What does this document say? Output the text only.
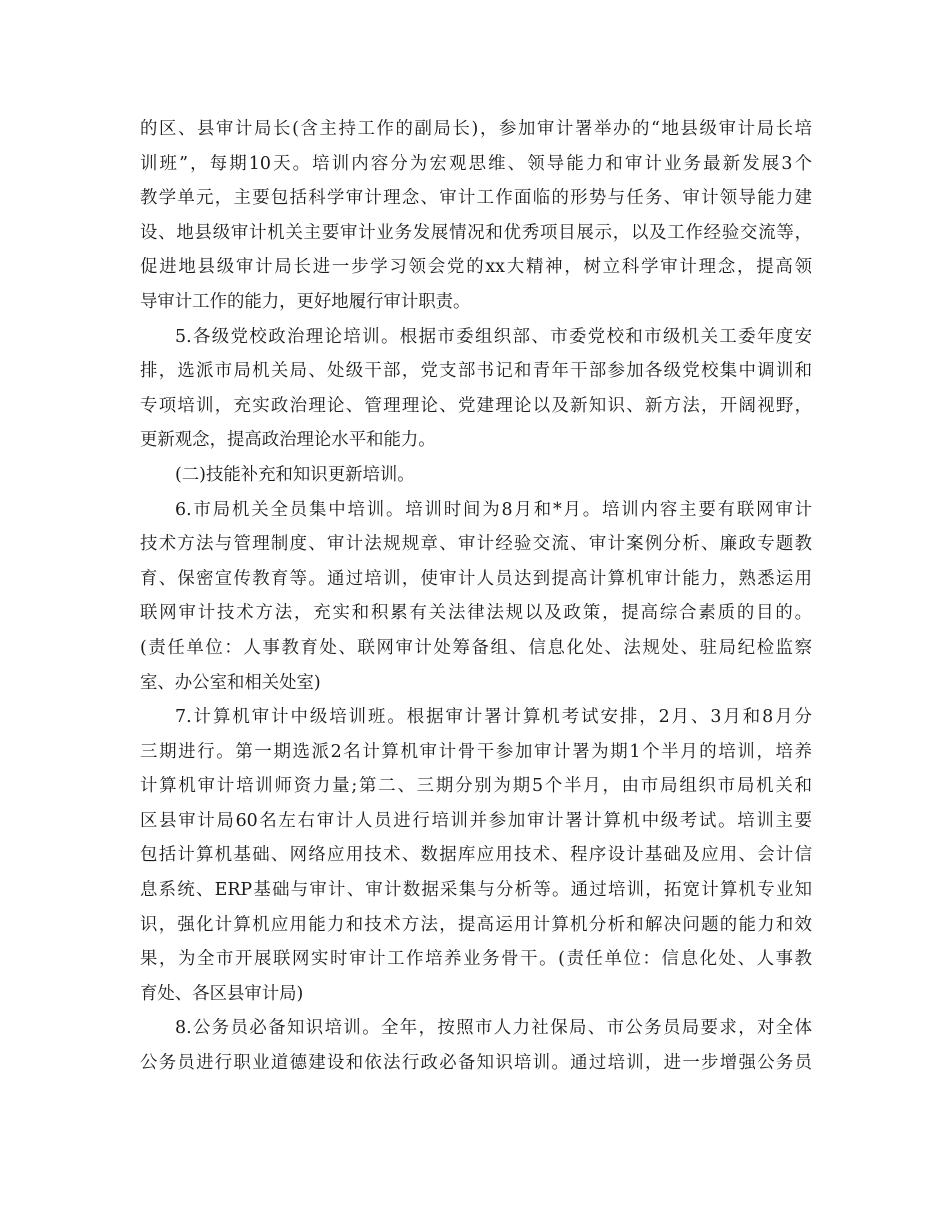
的区、县审计局长(含主持工作的副局长)，参加审计署举办的“地县级审计局长培
训班”，每期10天。培训内容分为宏观思维、领导能力和审计业务最新发展3个
教学单元，主要包括科学审计理念、审计工作面临的形势与任务、审计领导能力建
设、地县级审计机关主要审计业务发展情况和优秀项目展示，以及工作经验交流等，
促进地县级审计局长进一步学习领会党的xx大精神，树立科学审计理念，提高领
导审计工作的能力，更好地履行审计职责。
5.各级党校政治理论培训。根据市委组织部、市委党校和市级机关工委年度安
排，选派市局机关局、处级干部，党支部书记和青年干部参加各级党校集中调训和
专项培训，充实政治理论、管理理论、党建理论以及新知识、新方法，开阔视野，
更新观念，提高政治理论水平和能力。
(二)技能补充和知识更新培训。
6.市局机关全员集中培训。培训时间为8月和*月。培训内容主要有联网审计
技术方法与管理制度、审计法规规章、审计经验交流、审计案例分析、廉政专题教
育、保密宣传教育等。通过培训，使审计人员达到提高计算机审计能力，熟悉运用
联网审计技术方法，充实和积累有关法律法规以及政策，提高综合素质的目的。
(责任单位：人事教育处、联网审计处筹备组、信息化处、法规处、驻局纪检监察
室、办公室和相关处室)
7.计算机审计中级培训班。根据审计署计算机考试安排，2月、3月和8月分
三期进行。第一期选派2名计算机审计骨干参加审计署为期1个半月的培训，培养
计算机审计培训师资力量;第二、三期分别为期5个半月，由市局组织市局机关和
区县审计局60名左右审计人员进行培训并参加审计署计算机中级考试。培训主要
包括计算机基础、网络应用技术、数据库应用技术、程序设计基础及应用、会计信
息系统、ERP基础与审计、审计数据采集与分析等。通过培训，拓宽计算机专业知
识，强化计算机应用能力和技术方法，提高运用计算机分析和解决问题的能力和效
果，为全市开展联网实时审计工作培养业务骨干。(责任单位：信息化处、人事教
育处、各区县审计局)
8.公务员必备知识培训。全年，按照市人力社保局、市公务员局要求，对全体
公务员进行职业道德建设和依法行政必备知识培训。通过培训，进一步增强公务员
